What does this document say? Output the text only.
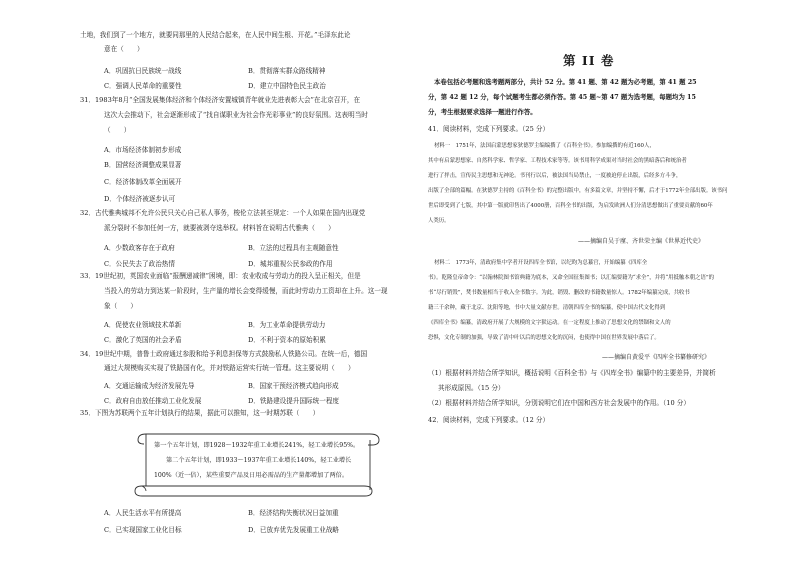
土地，我们到了一个地方，就要同那里的人民结合起来，在人民中间生根、开花。”毛泽东此论
意在（　　）
A．巩固抗日民族统一战线	B．贯彻落实群众路线精神
C．强调人民革命的重要性	D．建立中国特色民主政治
31．1983年8月“全国发展集体经济和个体经济安置城镇青年就业先进表彰大会”在北京召开，在
这次大会推动下，社会逐渐形成了“找自谋职业为社会作光彩事业”的良好氛围。这表明当时
（　　）
A．市场经济体制初步形成
B．国营经济调整成果显著
C．经济体制改革全面展开
D．个体经济被逐步认可
32．古代雅典城邦不允许公民只关心自己私人事务，梭伦立法甚至规定：一个人如果在国内出现党
派分裂时不参加任何一方，就要被剥夺选举权。材料旨在说明古代雅典（　　）
A．少数政客存在于政府	B．立法的过程具有主观随意性
C．公民失去了政治热情	D．城邦重视公民参政的作用
33．19世纪初，英国农业面临“报酬递减律”困境，即：农业收成与劳动力的投入呈正相关，但是
当投入的劳动力到达某一阶段时，生产量的增长会变得缓慢，而此时劳动力工资却在上升。这一现
象（　　）
A．促使农业领域技术革新	B．为工业革命提供劳动力
C．激化了英国的社会矛盾	D．不利于资本的原始积累
34．19世纪中期，普鲁士政府通过参股和给予利息担保等方式鼓励私人铁路公司。在统一后，德国
通过大规模购买实现了铁路国有化，并对铁路运营实行统一管理。这主要说明（　　）
A．交通运输成为经济发展先导	B．国家干预经济模式趋向形成
C．政府自由放任推动工业化发展	D．铁路建设提升国际统一程度
35．下图为苏联两个五年计划执行的结果，据此可以推知，这一时期苏联（　　）
第一个五年计划，即1928～1932年重工业增长241%，轻工业增长95%。
第二个五年计划，即1933～1937年重工业增长140%，轻工业增长
100%（近一倍），某些重要产品及日用必需品的生产量都增加了两倍。
A．人民生活水平有所提高	B．经济结构失衡状况日益加重
C．已实现国家工业化目标	D．已放弃优先发展重工业战略
第 II 卷
本卷包括必考题和选考题两部分，共计 52 分。第 41 题、第 42 题为必考题，第 41 题 25
分，第 42 题 12 分，每个试题考生都必须作答。第 45 题~第 47 题为选考题，每题均为 15
分，考生根据要求选择一题进行作答。
41．阅读材料，完成下列要求。（25 分）
材料一　1751年，法国启蒙思想家狄德罗主编编撰了《百科全书》。参加编撰的有近160人，
其中有启蒙思想家、自然科学家、哲学家、工程技术家等等。该书用科学成果对当时社会的黑暗落后和统治者
进行了抨击，宣传民主思想和无神论。书刊行以后，被法国当局禁止，一度被迫停止出版，后经多方斗争，
出版了全部的篇幅。在狄德罗主持的《百科全书》的完整出版中，有多篇文章，并坚持不懈，后才于1772年全部出版。该书问
世后即受到了七版，其中第一版就印售出了4000册，百科全书的出版，为启发欧洲人们分清思想做出了重要贡献的60年
人类历。
——摘编自吴于廑、齐世荣主编《世界近代史》
材料二　1773年，清政府集中学者开设四库全书馆，以纪昀为总纂官，开始编纂《四库全
书》。乾隆皇帝命令：“以翰林院图书馆典籍为底本，又命全国征集图书；以汇编要籍为“求全”，并将“用抵触本朝之语”的
书“尽行销毁”，焚书数量相当于收入全书数字。为此，销毁、删改的书籍数量惊人。1782年编纂完成，共收书
籍三千余种，藏于北京、沈阳等地，书中大量文献存世。清朝四库全书的编纂，使中国古代文化得到
《四库全书》编纂，清政府开展了大规模的文字狱运动。在一定程度上推动了思想文化的禁锢和文人的
恐惧，文化专制的加强，导致了清中叶以后的思想文化的沉闷，也使得中国在世界发展中落后了。
——摘编自黄爱平《四库全书纂修研究》
（1）根据材料并结合所学知识，概括说明《百科全书》与《四库全书》编纂中的主要差异，并简析
其形成原因。（15 分）
（2）根据材料并结合所学知识，分别说明它们在中国和西方社会发展中的作用。（10 分）
42．阅读材料，完成下列要求。（12 分）
